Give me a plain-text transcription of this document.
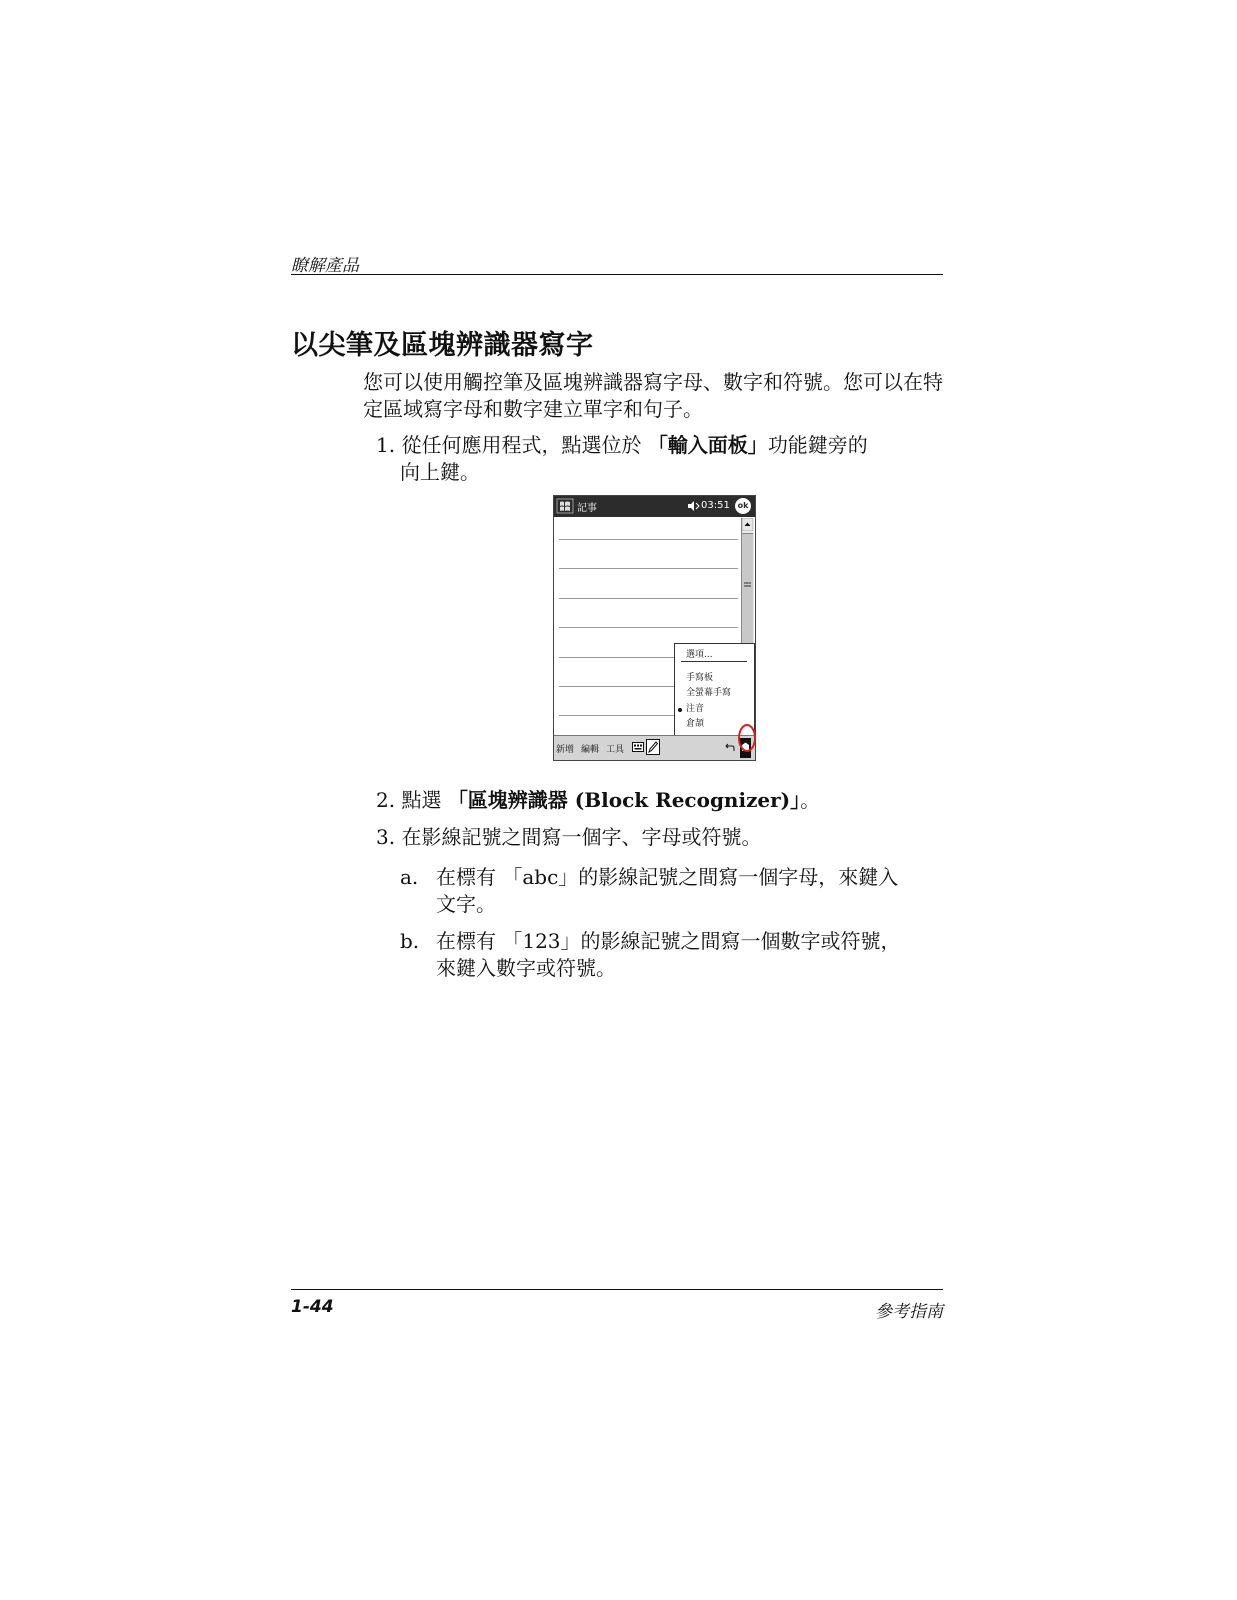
瞭解產品
以尖筆及區塊辨識器寫字
您可以使用觸控筆及區塊辨識器寫字母、數字和符號。您可以在特定區域寫字母和數字建立單字和句子。
1. 從任何應用程式，點選位於 「輸入面板」功能鍵旁的
向上鍵。
記事	03:51 ok
選項...
手寫板
全螢幕手寫
注音
倉頡
新增 編輯 工具
2. 點選 「區塊辨識器 (Block Recognizer)」。
3. 在影線記號之間寫一個字、字母或符號。
a. 在標有 「abc」的影線記號之間寫一個字母，來鍵入
文字。
b. 在標有 「123」的影線記號之間寫一個數字或符號，
來鍵入數字或符號。
1-44	參考指南
